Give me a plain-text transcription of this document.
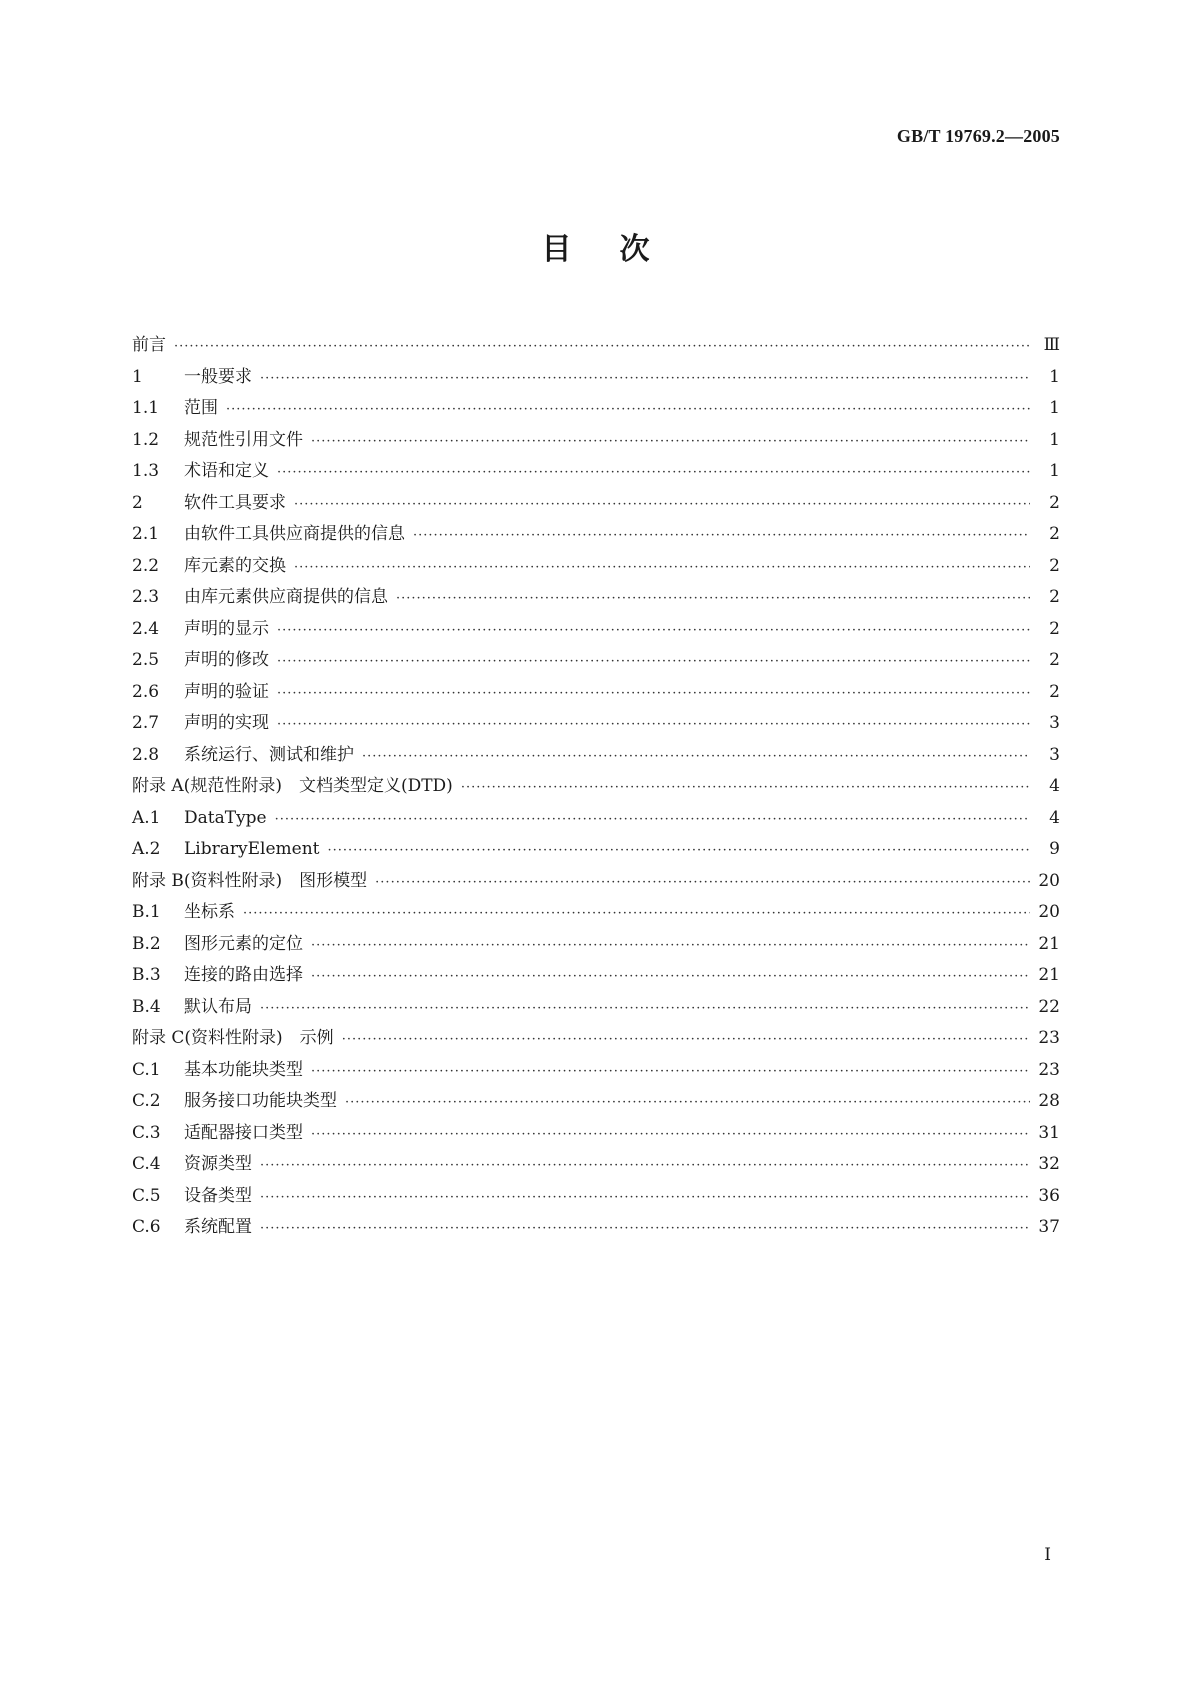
GB/T 19769.2—2005
目 次
前言 ·····	Ⅲ
1	一般要求 ·····	1
1.1	范围 ·····	1
1.2	规范性引用文件 ·····	1
1.3	术语和定义 ·····	1
2	软件工具要求 ·····	2
2.1	由软件工具供应商提供的信息 ·····	2
2.2	库元素的交换 ·····	2
2.3	由库元素供应商提供的信息 ·····	2
2.4	声明的显示 ·····	2
2.5	声明的修改 ·····	2
2.6	声明的验证 ·····	2
2.7	声明的实现 ·····	3
2.8	系统运行、测试和维护 ·····	3
附录 A(规范性附录)　文档类型定义(DTD) ·····	4
A.1	DataType ·····	4
A.2	LibraryElement ·····	9
附录 B(资料性附录)　图形模型 ·····	20
B.1	坐标系 ·····	20
B.2	图形元素的定位 ·····	21
B.3	连接的路由选择 ·····	21
B.4	默认布局 ·····	22
附录 C(资料性附录)　示例 ·····	23
C.1	基本功能块类型 ·····	23
C.2	服务接口功能块类型 ·····	28
C.3	适配器接口类型 ·····	31
C.4	资源类型 ·····	32
C.5	设备类型 ·····	36
C.6	系统配置 ·····	37
I
